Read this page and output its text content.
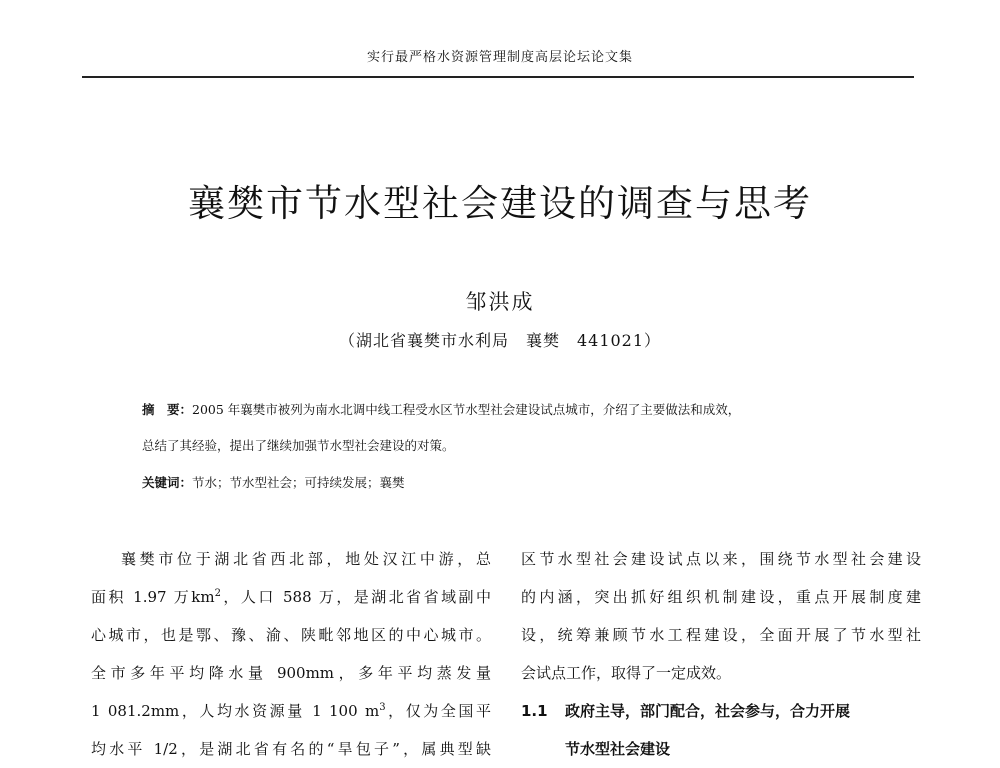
实行最严格水资源管理制度高层论坛论文集
襄樊市节水型社会建设的调查与思考
邹洪成
（湖北省襄樊市水利局　襄樊　441021）
摘　要：2005 年襄樊市被列为南水北调中线工程受水区节水型社会建设试点城市，介绍了主要做法和成效，
总结了其经验，提出了继续加强节水型社会建设的对策。
关键词：节水；节水型社会；可持续发展；襄樊
襄樊市位于湖北省西北部，地处汉江中游，总
面积 1.97 万$km^2$，人口 588 万，是湖北省省域副中
心城市，也是鄂、豫、渝、陕毗邻地区的中心城市。
全市多年平均降水量 900mm，多年平均蒸发量
1 081.2mm，人均水资源量 1 100 $m^3$，仅为全国平
均水平 1/2，是湖北省有名的“旱包子”，属典型缺
区节水型社会建设试点以来，围绕节水型社会建设
的内涵，突出抓好组织机制建设，重点开展制度建
设，统筹兼顾节水工程建设，全面开展了节水型社
会试点工作，取得了一定成效。
1.1 政府主导，部门配合，社会参与，合力开展
节水型社会建设
